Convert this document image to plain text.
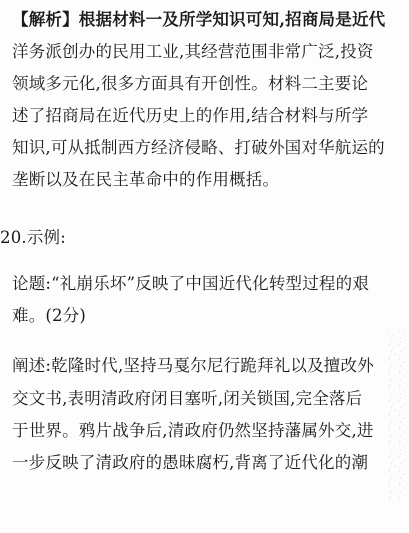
【解析】根据材料一及所学知识可知,招商局是近代
洋务派创办的民用工业,其经营范围非常广泛,投资
领域多元化,很多方面具有开创性。材料二主要论
述了招商局在近代历史上的作用,结合材料与所学
知识,可从抵制西方经济侵略、打破外国对华航运的
垄断以及在民主革命中的作用概括。
20.示例:
论题:“礼崩乐坏”反映了中国近代化转型过程的艰
难。(2分)
阐述:乾隆时代,坚持马戛尔尼行跪拜礼以及擅改外
交文书,表明清政府闭目塞听,闭关锁国,完全落后
于世界。鸦片战争后,清政府仍然坚持藩属外交,进
一步反映了清政府的愚昧腐朽,背离了近代化的潮
